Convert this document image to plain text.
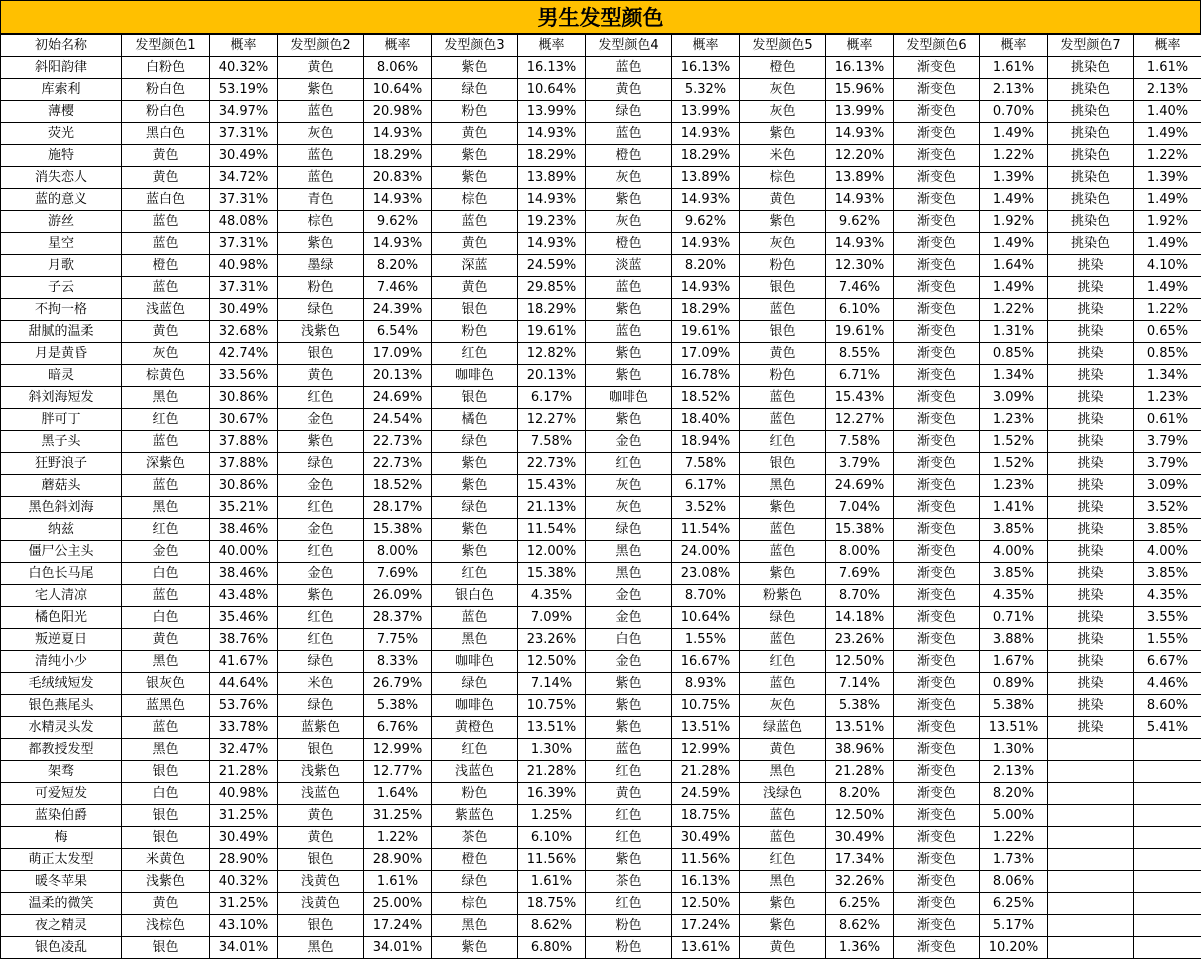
男生发型颜色
初始名称	发型颜色1	概率	发型颜色2	概率	发型颜色3	概率	发型颜色4	概率	发型颜色5	概率	发型颜色6	概率	发型颜色7	概率
斜阳韵律	白粉色	40.32%	黄色	8.06%	紫色	16.13%	蓝色	16.13%	橙色	16.13%	渐变色	1.61%	挑染色	1.61%
库索利	粉白色	53.19%	紫色	10.64%	绿色	10.64%	黄色	5.32%	灰色	15.96%	渐变色	2.13%	挑染色	2.13%
薄樱	粉白色	34.97%	蓝色	20.98%	粉色	13.99%	绿色	13.99%	灰色	13.99%	渐变色	0.70%	挑染色	1.40%
荧光	黑白色	37.31%	灰色	14.93%	黄色	14.93%	蓝色	14.93%	紫色	14.93%	渐变色	1.49%	挑染色	1.49%
施特	黄色	30.49%	蓝色	18.29%	紫色	18.29%	橙色	18.29%	米色	12.20%	渐变色	1.22%	挑染色	1.22%
消失恋人	黄色	34.72%	蓝色	20.83%	紫色	13.89%	灰色	13.89%	棕色	13.89%	渐变色	1.39%	挑染色	1.39%
蓝的意义	蓝白色	37.31%	青色	14.93%	棕色	14.93%	紫色	14.93%	黄色	14.93%	渐变色	1.49%	挑染色	1.49%
游丝	蓝色	48.08%	棕色	9.62%	蓝色	19.23%	灰色	9.62%	紫色	9.62%	渐变色	1.92%	挑染色	1.92%
星空	蓝色	37.31%	紫色	14.93%	黄色	14.93%	橙色	14.93%	灰色	14.93%	渐变色	1.49%	挑染色	1.49%
月歌	橙色	40.98%	墨绿	8.20%	深蓝	24.59%	淡蓝	8.20%	粉色	12.30%	渐变色	1.64%	挑染	4.10%
子云	蓝色	37.31%	粉色	7.46%	黄色	29.85%	蓝色	14.93%	银色	7.46%	渐变色	1.49%	挑染	1.49%
不拘一格	浅蓝色	30.49%	绿色	24.39%	银色	18.29%	紫色	18.29%	蓝色	6.10%	渐变色	1.22%	挑染	1.22%
甜腻的温柔	黄色	32.68%	浅紫色	6.54%	粉色	19.61%	蓝色	19.61%	银色	19.61%	渐变色	1.31%	挑染	0.65%
月是黄昏	灰色	42.74%	银色	17.09%	红色	12.82%	紫色	17.09%	黄色	8.55%	渐变色	0.85%	挑染	0.85%
暗灵	棕黄色	33.56%	黄色	20.13%	咖啡色	20.13%	紫色	16.78%	粉色	6.71%	渐变色	1.34%	挑染	1.34%
斜刘海短发	黑色	30.86%	红色	24.69%	银色	6.17%	咖啡色	18.52%	蓝色	15.43%	渐变色	3.09%	挑染	1.23%
胖可丁	红色	30.67%	金色	24.54%	橘色	12.27%	紫色	18.40%	蓝色	12.27%	渐变色	1.23%	挑染	0.61%
黑子头	蓝色	37.88%	紫色	22.73%	绿色	7.58%	金色	18.94%	红色	7.58%	渐变色	1.52%	挑染	3.79%
狂野浪子	深紫色	37.88%	绿色	22.73%	紫色	22.73%	红色	7.58%	银色	3.79%	渐变色	1.52%	挑染	3.79%
蘑菇头	蓝色	30.86%	金色	18.52%	紫色	15.43%	灰色	6.17%	黑色	24.69%	渐变色	1.23%	挑染	3.09%
黑色斜刘海	黑色	35.21%	红色	28.17%	绿色	21.13%	灰色	3.52%	紫色	7.04%	渐变色	1.41%	挑染	3.52%
纳兹	红色	38.46%	金色	15.38%	紫色	11.54%	绿色	11.54%	蓝色	15.38%	渐变色	3.85%	挑染	3.85%
僵尸公主头	金色	40.00%	红色	8.00%	紫色	12.00%	黑色	24.00%	蓝色	8.00%	渐变色	4.00%	挑染	4.00%
白色长马尾	白色	38.46%	金色	7.69%	红色	15.38%	黑色	23.08%	紫色	7.69%	渐变色	3.85%	挑染	3.85%
宅人清凉	蓝色	43.48%	紫色	26.09%	银白色	4.35%	金色	8.70%	粉紫色	8.70%	渐变色	4.35%	挑染	4.35%
橘色阳光	白色	35.46%	红色	28.37%	蓝色	7.09%	金色	10.64%	绿色	14.18%	渐变色	0.71%	挑染	3.55%
叛逆夏日	黄色	38.76%	红色	7.75%	黑色	23.26%	白色	1.55%	蓝色	23.26%	渐变色	3.88%	挑染	1.55%
清纯小少	黑色	41.67%	绿色	8.33%	咖啡色	12.50%	金色	16.67%	红色	12.50%	渐变色	1.67%	挑染	6.67%
毛绒绒短发	银灰色	44.64%	米色	26.79%	绿色	7.14%	紫色	8.93%	蓝色	7.14%	渐变色	0.89%	挑染	4.46%
银色燕尾头	蓝黑色	53.76%	绿色	5.38%	咖啡色	10.75%	紫色	10.75%	灰色	5.38%	渐变色	5.38%	挑染	8.60%
水精灵头发	蓝色	33.78%	蓝紫色	6.76%	黄橙色	13.51%	紫色	13.51%	绿蓝色	13.51%	渐变色	13.51%	挑染	5.41%
都教授发型	黑色	32.47%	银色	12.99%	红色	1.30%	蓝色	12.99%	黄色	38.96%	渐变色	1.30%		
架骛	银色	21.28%	浅紫色	12.77%	浅蓝色	21.28%	红色	21.28%	黑色	21.28%	渐变色	2.13%		
可爱短发	白色	40.98%	浅蓝色	1.64%	粉色	16.39%	黄色	24.59%	浅绿色	8.20%	渐变色	8.20%		
蓝染伯爵	银色	31.25%	黄色	31.25%	紫蓝色	1.25%	红色	18.75%	蓝色	12.50%	渐变色	5.00%		
梅	银色	30.49%	黄色	1.22%	茶色	6.10%	红色	30.49%	蓝色	30.49%	渐变色	1.22%		
萌正太发型	米黄色	28.90%	银色	28.90%	橙色	11.56%	紫色	11.56%	红色	17.34%	渐变色	1.73%		
暖冬苹果	浅紫色	40.32%	浅黄色	1.61%	绿色	1.61%	茶色	16.13%	黑色	32.26%	渐变色	8.06%		
温柔的微笑	黄色	31.25%	浅黄色	25.00%	棕色	18.75%	红色	12.50%	紫色	6.25%	渐变色	6.25%		
夜之精灵	浅棕色	43.10%	银色	17.24%	黑色	8.62%	粉色	17.24%	紫色	8.62%	渐变色	5.17%		
银色凌乱	银色	34.01%	黑色	34.01%	紫色	6.80%	粉色	13.61%	黄色	1.36%	渐变色	10.20%		
